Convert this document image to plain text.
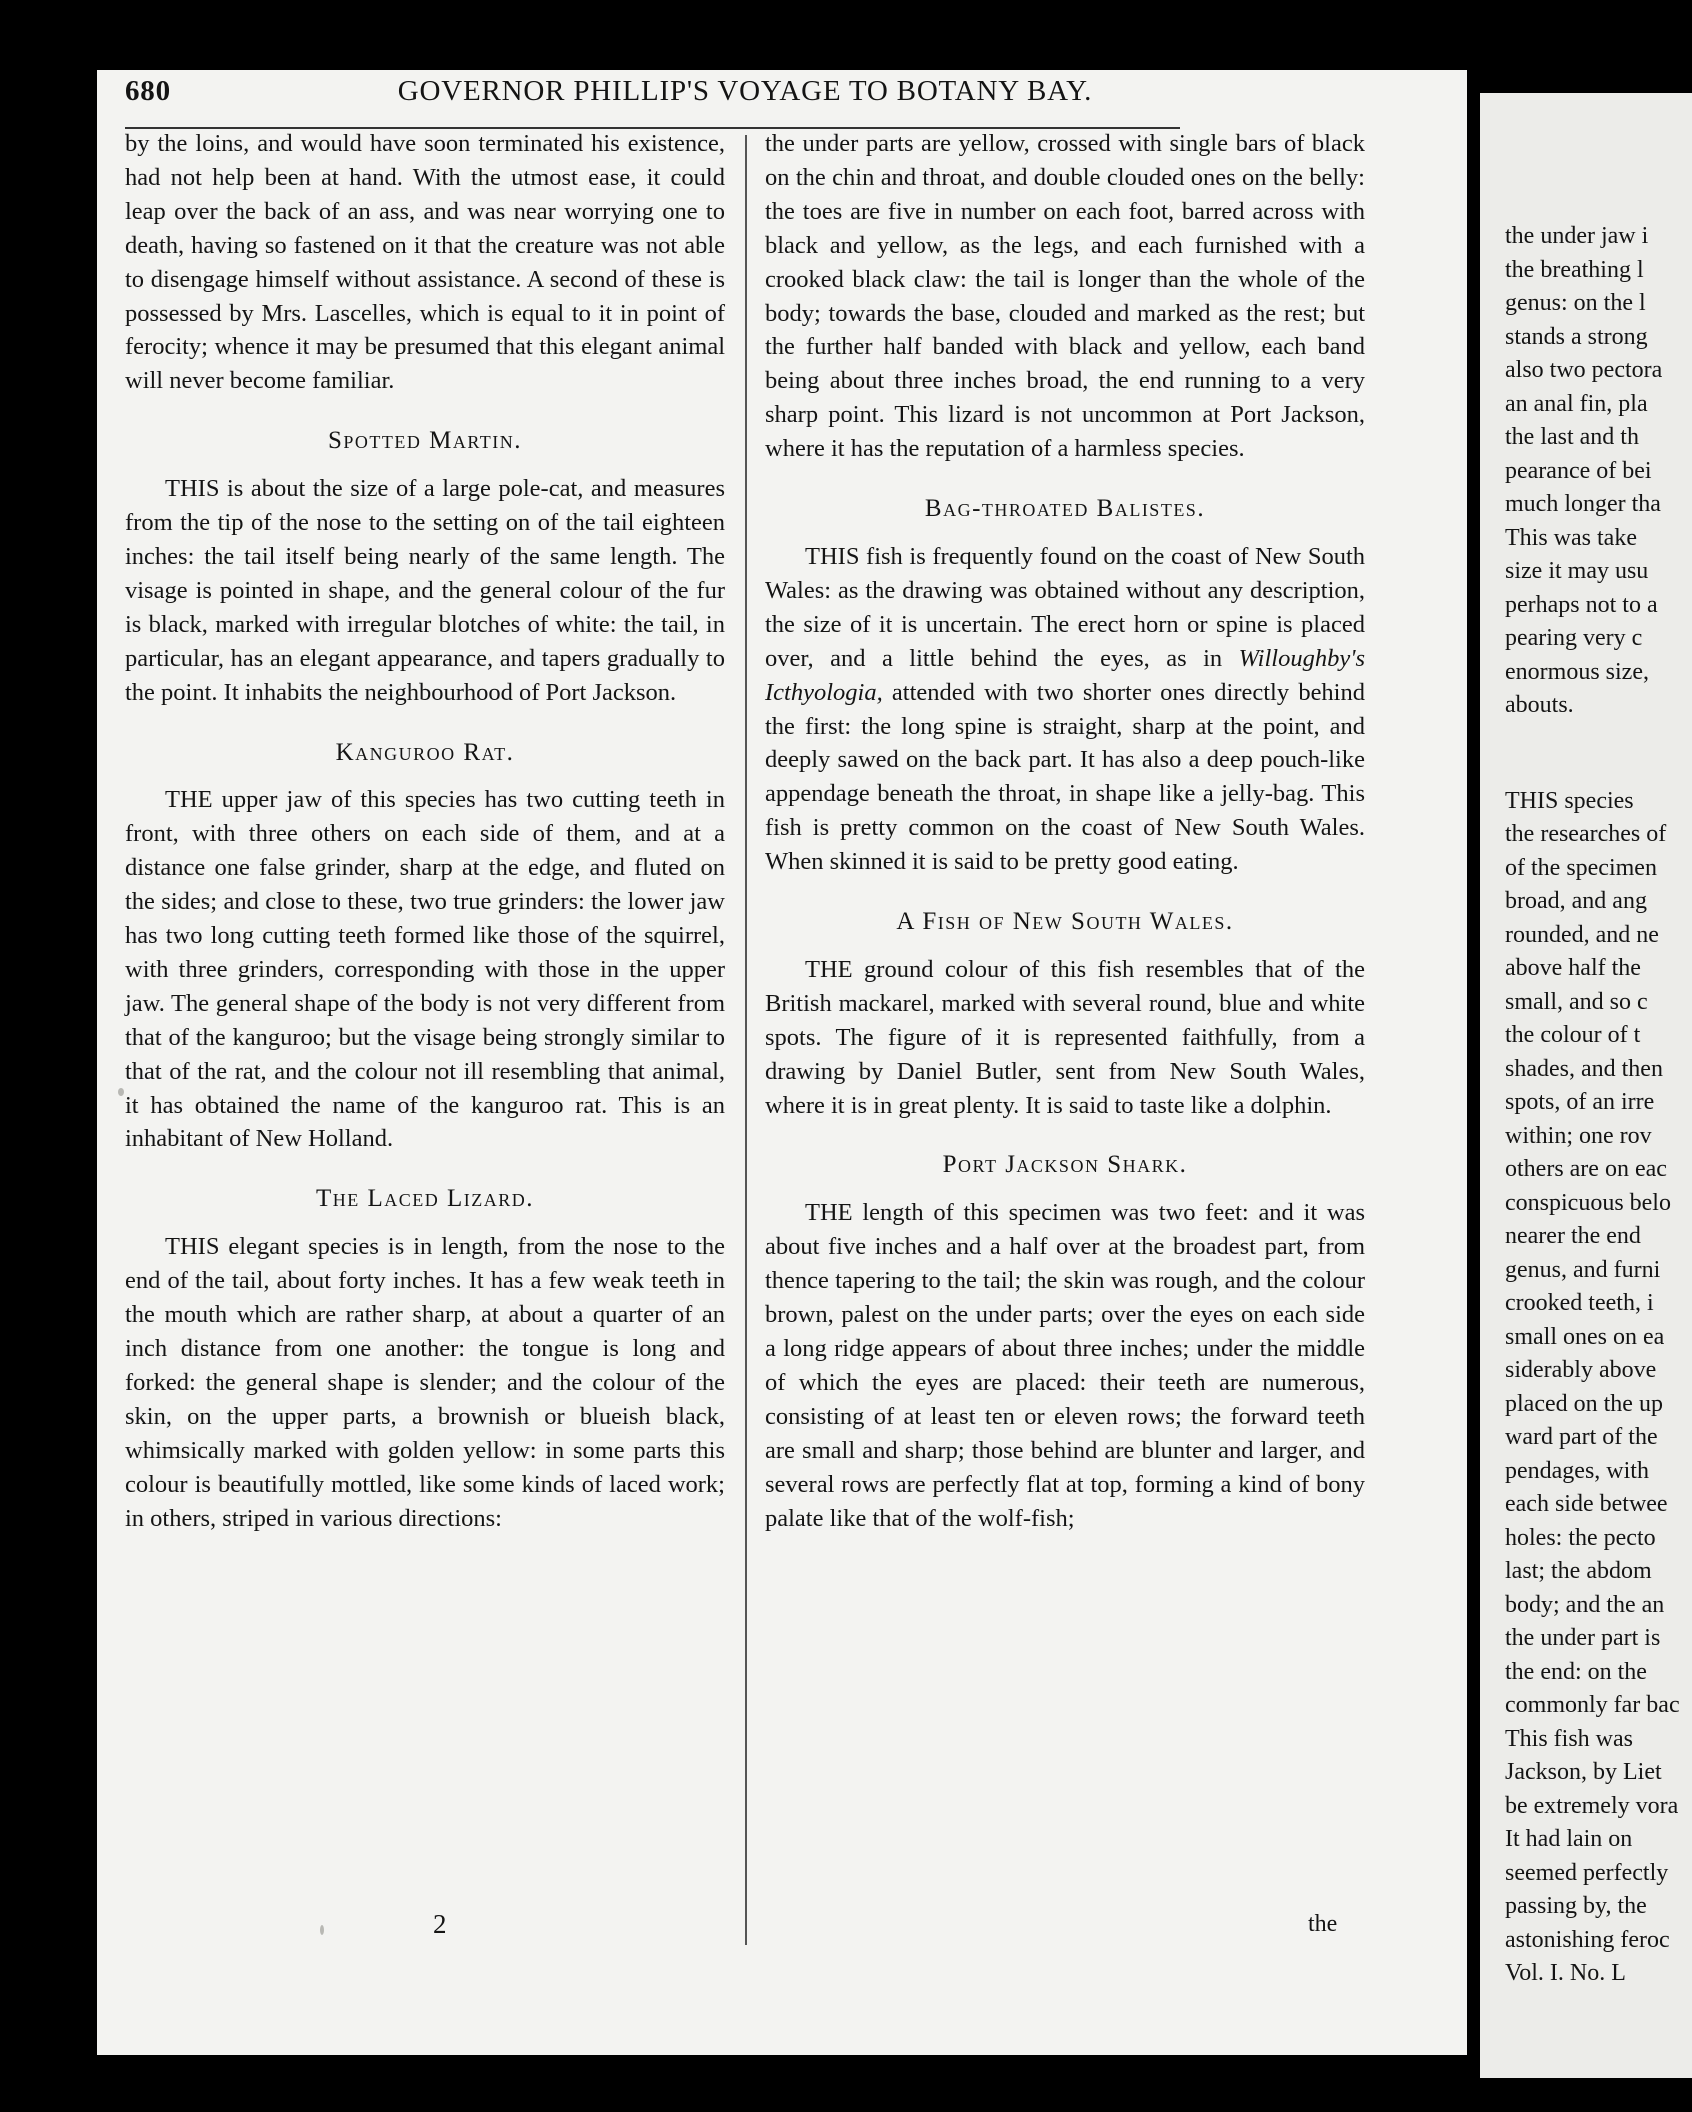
the under jaw i
the breathing l
genus: on the l
stands a strong
also two pectora
an anal fin, pla
the last and th
pearance of bei
much longer tha
This was take
size it may usu
perhaps not to a
pearing very c
enormous size,
abouts.
THIS species
the researches of
of the specimen
broad, and ang
rounded, and ne
above half the
small, and so c
the colour of t
shades, and then
spots, of an irre
within; one rov
others are on eac
conspicuous belo
nearer the end
genus, and furni
crooked teeth, i
small ones on ea
siderably above
placed on the up
ward part of the
pendages, with
each side betwee
holes: the pecto
last; the abdom
body; and the an
the under part is
the end: on the
commonly far bac
This fish was
Jackson, by Liet
be extremely vora
It had lain on
seemed perfectly
passing by, the
astonishing feroc
Vol. I. No. L
680	GOVERNOR PHILLIP'S VOYAGE TO BOTANY BAY.

by the loins, and would have soon terminated his existence, had not help been at hand. With the utmost ease, it could leap over the back of an ass, and was near worrying one to death, having so fastened on it that the creature was not able to disengage himself without assistance. A second of these is possessed by Mrs. Lascelles, which is equal to it in point of ferocity; whence it may be presumed that this elegant animal will never become familiar.

Spotted Martin.

THIS is about the size of a large pole-cat, and measures from the tip of the nose to the setting on of the tail eighteen inches: the tail itself being nearly of the same length. The visage is pointed in shape, and the general colour of the fur is black, marked with irregular blotches of white: the tail, in particular, has an elegant appearance, and tapers gradually to the point. It inhabits the neighbourhood of Port Jackson.

Kanguroo Rat.

THE upper jaw of this species has two cutting teeth in front, with three others on each side of them, and at a distance one false grinder, sharp at the edge, and fluted on the sides; and close to these, two true grinders: the lower jaw has two long cutting teeth formed like those of the squirrel, with three grinders, corresponding with those in the upper jaw. The general shape of the body is not very different from that of the kanguroo; but the visage being strongly similar to that of the rat, and the colour not ill resembling that animal, it has obtained the name of the kanguroo rat. This is an inhabitant of New Holland.

The Laced Lizard.

THIS elegant species is in length, from the nose to the end of the tail, about forty inches. It has a few weak teeth in the mouth which are rather sharp, at about a quarter of an inch distance from one another: the tongue is long and forked: the general shape is slender; and the colour of the skin, on the upper parts, a brownish or blueish black, whimsically marked with golden yellow: in some parts this colour is beautifully mottled, like some kinds of laced work; in others, striped in various directions:

the under parts are yellow, crossed with single bars of black on the chin and throat, and double clouded ones on the belly: the toes are five in number on each foot, barred across with black and yellow, as the legs, and each furnished with a crooked black claw: the tail is longer than the whole of the body; towards the base, clouded and marked as the rest; but the further half banded with black and yellow, each band being about three inches broad, the end running to a very sharp point. This lizard is not uncommon at Port Jackson, where it has the reputation of a harmless species.

Bag-throated Balistes.

THIS fish is frequently found on the coast of New South Wales: as the drawing was obtained without any description, the size of it is uncertain. The erect horn or spine is placed over, and a little behind the eyes, as in Willoughby's Icthyologia, attended with two shorter ones directly behind the first: the long spine is straight, sharp at the point, and deeply sawed on the back part. It has also a deep pouch-like appendage beneath the throat, in shape like a jelly-bag. This fish is pretty common on the coast of New South Wales. When skinned it is said to be pretty good eating.

A Fish of New South Wales.

THE ground colour of this fish resembles that of the British mackarel, marked with several round, blue and white spots. The figure of it is represented faithfully, from a drawing by Daniel Butler, sent from New South Wales, where it is in great plenty. It is said to taste like a dolphin.

Port Jackson Shark.

THE length of this specimen was two feet: and it was about five inches and a half over at the broadest part, from thence tapering to the tail; the skin was rough, and the colour brown, palest on the under parts; over the eyes on each side a long ridge appears of about three inches; under the middle of which the eyes are placed: their teeth are numerous, consisting of at least ten or eleven rows; the forward teeth are small and sharp; those behind are blunter and larger, and several rows are perfectly flat at top, forming a kind of bony palate like that of the wolf-fish;

2	the
